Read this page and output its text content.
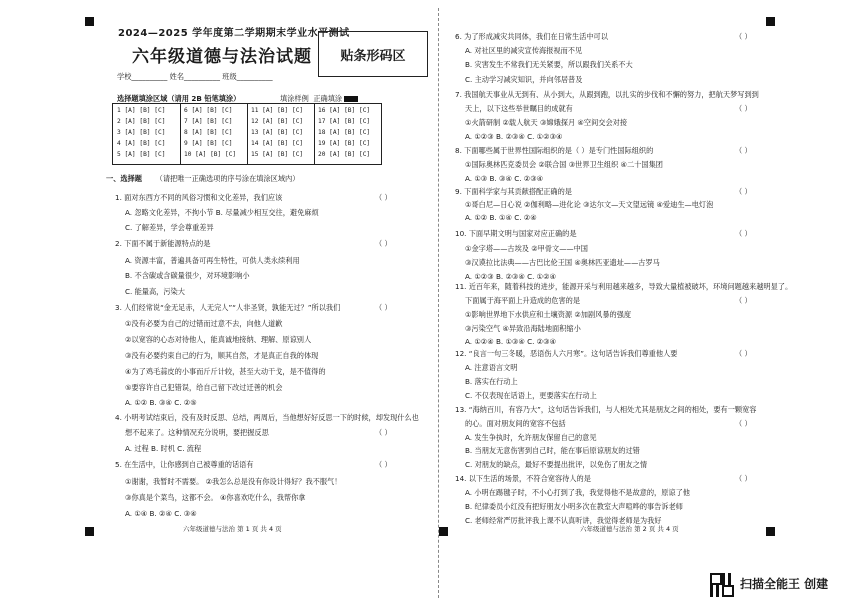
2024—2025 学年度第二学期期末学业水平测试
六年级道德与法治试题	贴条形码区
学校__________ 姓名__________ 班级__________
选择题填涂区域（请用 2B 铅笔填涂）	填涂样例 正确填涂
1 [A] [B] [C]	6 [A] [B] [C]	11 [A] [B] [C] 16 [A] [B] [C]
2 [A] [B] [C]	7 [A] [B] [C]	12 [A] [B] [C] 17 [A] [B] [C]
3 [A] [B] [C]	8 [A] [B] [C]	13 [A] [B] [C] 18 [A] [B] [C]
4 [A] [B] [C]	9 [A] [B] [C]	14 [A] [B] [C] 19 [A] [B] [C]
5 [A] [B] [C]	10 [A] [B] [C] 15 [A] [B] [C] 20 [A] [B] [C]
一、选择题 （请把唯一正确选项的序号涂在填涂区域内）
1. 面对东西方不同的风俗习惯和文化差异，我们应该
A. 忽略文化差异，不拘小节 B. 尽量减少相互交往，避免麻烦
C. 了解差异，学会尊重差异
2. 下面不属于新能源特点的是
A. 资源丰富，普遍具备可再生特性，可供人类永续利用
B. 不含碳或含碳量很少，对环境影响小
C. 能量高，污染大
3. 人们经常说“金无足赤，人无完人”“人非圣贤，孰能无过？”所以我们
①没有必要为自己的过错而过意不去，向他人道歉
②以宽容的心态对待他人，能真诚地接纳、理解、原谅别人
③没有必要约束自己的行为，顺其自然，才是真正自我的体现
④为了鸡毛蒜皮的小事而斤斤计较，甚至大动干戈，是不值得的
⑤要容许自己犯错误，给自己留下改过迁善的机会
A. ①② B. ③④ C. ②⑤
4. 小明考试结束后，没有及时反思、总结，两周后，当他想好好反思一下的时候，却发现什么也
想不起来了。这种情况充分说明，要把握反思
A. 过程 B. 时机 C. 流程
5. 在生活中，让你感到自己被尊重的话语有
①谢谢，我暂时不需要。 ②我怎么总是没有你设计得好？我不服气！
③你真是个菜鸟，这都不会。 ④你喜欢吃什么，我帮你拿
A. ①④ B. ②④ C. ③④
（ ）
（ ）
（ ）
（ ）
（ ）
6. 为了形成减灾共同体，我们在日常生活中可以
A. 对社区里的减灾宣传海报视而不见
B. 灾害发生不常我们无关紧要，所以跟我们关系不大
C. 主动学习减灾知识，并向邻居普及
7. 我国航天事业从无到有、从小到大，从跟到跑，以扎实的步伐和不懈的努力，把航天梦写到到
天上，以下这些举世瞩目的成就有
①火箭研制 ②载人航天 ③嫦娥探月 ④空间交会对接
A. ①②③ B. ②③④ C. ①②③④
8. 下面哪些属于世界性国际组织的是（ ）是专门性国际组织的
①国际奥林匹克委员会 ②联合国 ③世界卫生组织 ④二十国集团
A. ①③ B. ③④ C. ②③④
9. 下面科学家与其贡献搭配正确的是
①哥白尼—日心说 ②伽利略—进化论 ③达尔文—天文望远镜 ④爱迪生—电灯泡
A. ①② B. ①④ C. ②④
10. 下面早期文明与国家对应正确的是
①金字塔——古埃及 ②甲骨文——中国
③汉谟拉比法典——古巴比伦王国 ④奥林匹亚遗址——古罗马
A. ①②③ B. ②③④ C. ①②④
11. 近百年来，随着科技的进步，能源开采与利用越来越多，导致大量植被破坏，环境问题越来越明显了。
下面属于海平面上升造成的危害的是
①影响世界地下水供应和土壤资源 ②加剧风暴的强度
③污染空气 ④异致沿海陆地面积缩小
A. ①②④ B. ①③④ C. ②③④
12. “良言一句三冬暖，恶语伤人六月寒”。这句话告诉我们尊重他人要
A. 注意语言文明
B. 落实在行动上
C. 不仅表现在话语上，更要落实在行动上
13. “海纳百川，有容乃大”，这句话告诉我们，与人相处尤其是朋友之间的相处，要有一颗宽容
的心。面对朋友间的宽容不包括
A. 发生争执时，允许朋友保留自己的意见
B. 当朋友无意伤害到自己时，能在事后原谅朋友的过错
C. 对朋友的缺点，最好不要提出批评，以免伤了朋友之情
14. 以下生活的场景，不符合宽容待人的是
A. 小明在踢毽子时，不小心打到了我，我觉得他不是故意的，原谅了他
B. 纪律委员小红没有把好朋友小明多次在教室大声喧哗的事告诉老师
C. 老师经常严厉批评我上课不认真听讲，我觉得老师是为我好
（ ）
（ ）
（ ）
（ ）
（ ）
（ ）
（ ）
（ ）
（ ）
六年级道德与法治 第 1 页 共 4 页	六年级道德与法治 第 2 页 共 4 页
扫描全能王 创建
